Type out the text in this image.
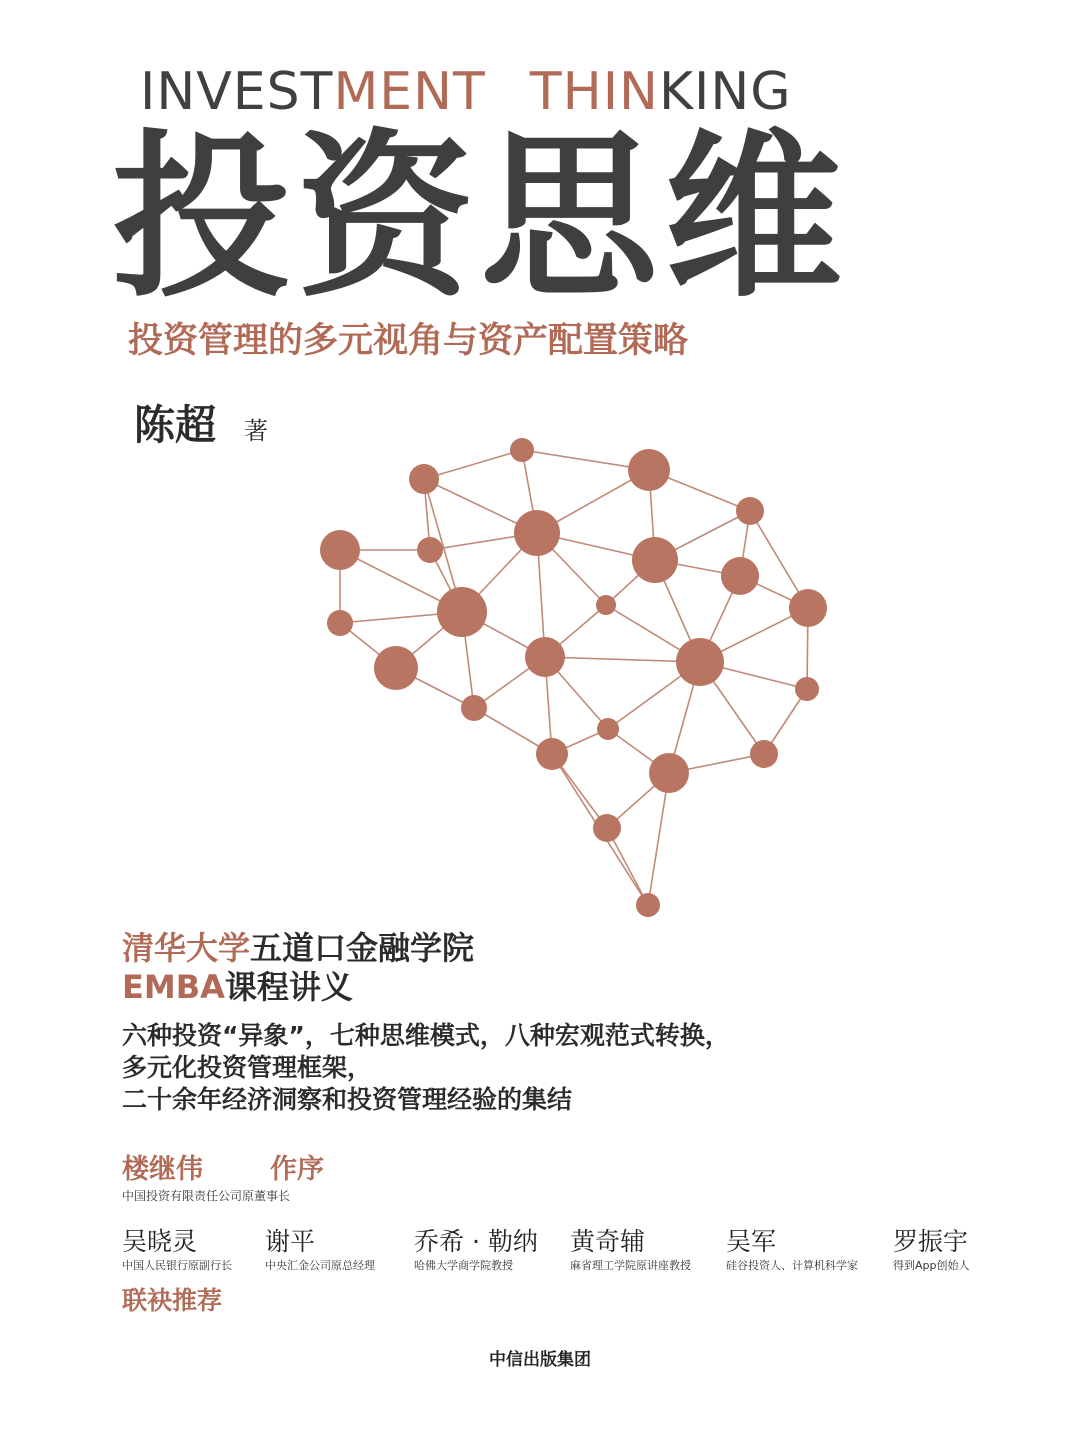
INVESTMENT THINKING
投资思维
投资管理的多元视角与资产配置策略
陈超 著
清华大学五道口金融学院
EMBA课程讲义
六种投资“异象”，七种思维模式，八种宏观范式转换，
多元化投资管理框架，
二十余年经济洞察和投资管理经验的集结
楼继伟 作序
中国投资有限责任公司原董事长
吴晓灵
中国人民银行原副行长
谢平
中央汇金公司原总经理
乔希 · 勒纳
哈佛大学商学院教授
黄奇辅
麻省理工学院原讲座教授
吴军
硅谷投资人、计算机科学家
罗振宇
得到App创始人
联袂推荐
中信出版集团
